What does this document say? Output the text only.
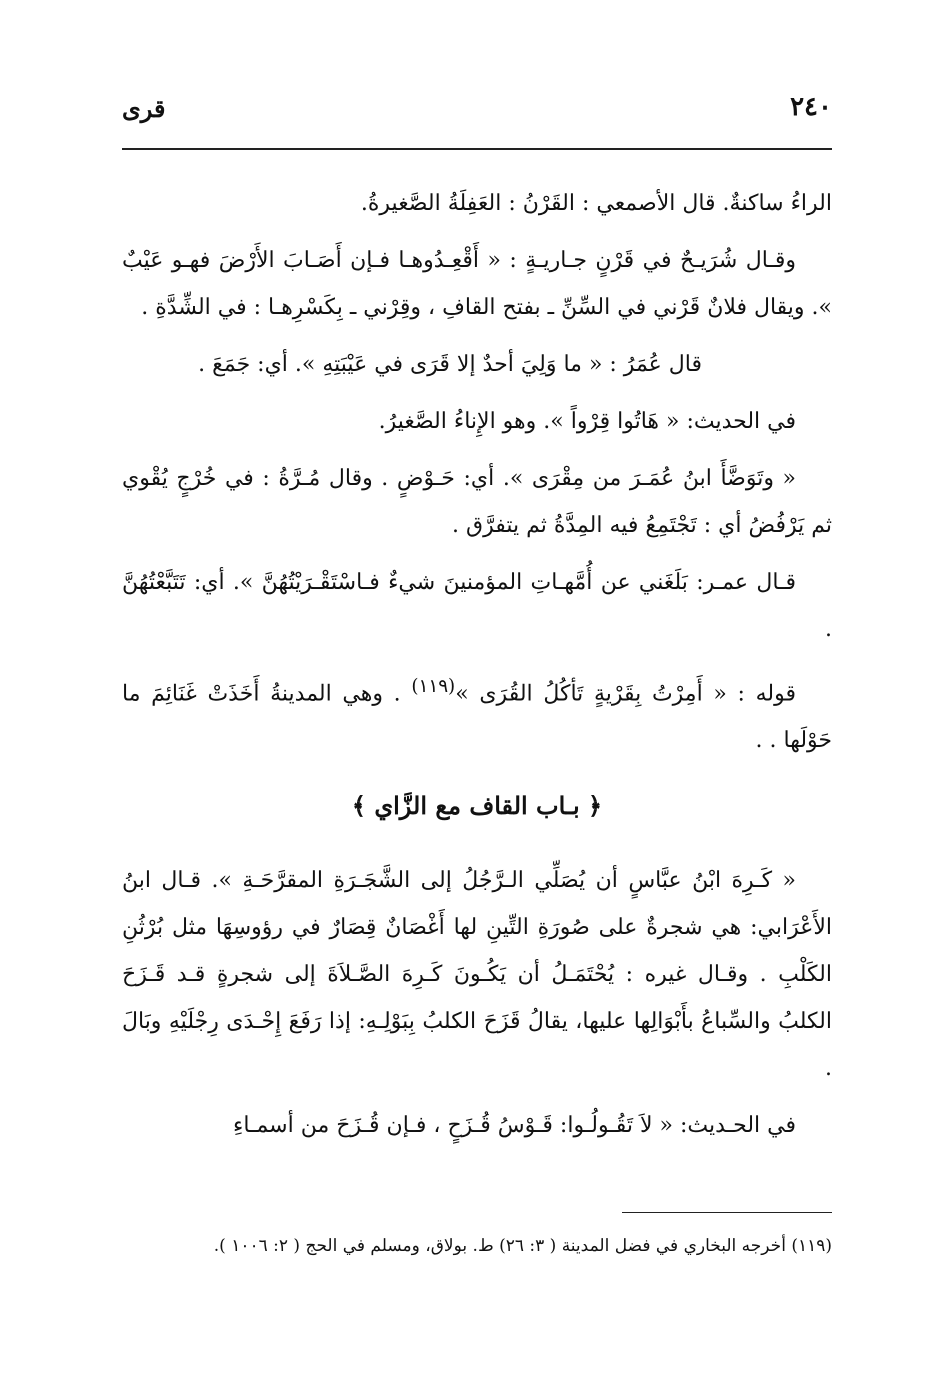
٢٤٠
قرى

الراءُ ساكنةٌ. قال الأصمعي : القَرْنُ : العَفِلَةُ الصَّغيرةُ.

وقـال شُرَيـحٌ في قَرْنٍ جـاريـةٍ : « أَقْعِـدُوهـا فـإن أَصَـابَ الأَرْضَ فهـو عَيْبٌ ». ويقال فلانٌ قَرْني في السِّنِّ ـ بفتح القافِ ، وقِرْني ـ بِكَسْرِهـا : في الشِّدَّةِ .

قال عُمَرُ : « ما وَلِيَ أحدٌ إلا قَرَى في عَيْبَتِهِ ». أي: جَمَعَ .

في الحديث: « هَاتُوا قِرْواً ». وهو الإِناءُ الصَّغيرُ.

« وتَوَضَّأَ ابنُ عُمَـرَ من مِقْرَى ». أي: حَـوْضٍ . وقال مُـرَّةُ : في خُرْجٍ يُقْوي ثم يَرْفُضُ أي : تَجْتَمِعُ فيه المِدَّةُ ثم يتفرَّق .

قـال عمـر: بَلَغَني عن أُمَّهـاتِ المؤمنينَ شيءٌ فـاسْتَقْـرَيْتُهُنَّ ». أي: تَتَبَّعْتُهُنَّ .

قوله : « أَمِرْتُ بِقَرْيةٍ تَأكُلُ القُرَى »$^{(١١٩)}$ . وهي المدينةُ أَخَذَتْ غَنَائِمَ ما حَوْلَها . .

﴿ بـاب القاف مع الزَّاي ﴾

« كَـرِهَ ابْنُ عبَّاسٍ أن يُصَلِّي الـرَّجُلُ إلى الشَّجَـرَةِ المقرَّحَـةِ ». قـال ابنُ الأَعْرَابي: هي شجرةٌ على صُورَةِ التِّينِ لها أَغْصَانٌ قِصَارٌ في رؤوسِهَا مثل بُرْثُنِ الكَلْبِ . وقـال غيره : يُحْتَمَـلُ أن يَكُـونَ كَـرِهَ الصَّـلاَةَ إلى شجرةٍ قـد قَـزَحَ الكلبُ والسِّباعُ بأَبْوَالِها عليها، يقالُ قَزَحَ الكلبُ بِبَوْلِـهِ: إذا رَفَعَ إِحْـدَى رِجْلَيْهِ وبَالَ .

في الحـديث: « لاَ تَقُـولُـوا: قَـوْسُ قُـزَحٍ ، فـإن قُـزَحَ من أسمـاءِ

(١١٩) أخرجه البخاري في فضل المدينة ( ٣: ٢٦) ط. بولاق، ومسلم في الحج ( ٢: ١٠٠٦ ).
